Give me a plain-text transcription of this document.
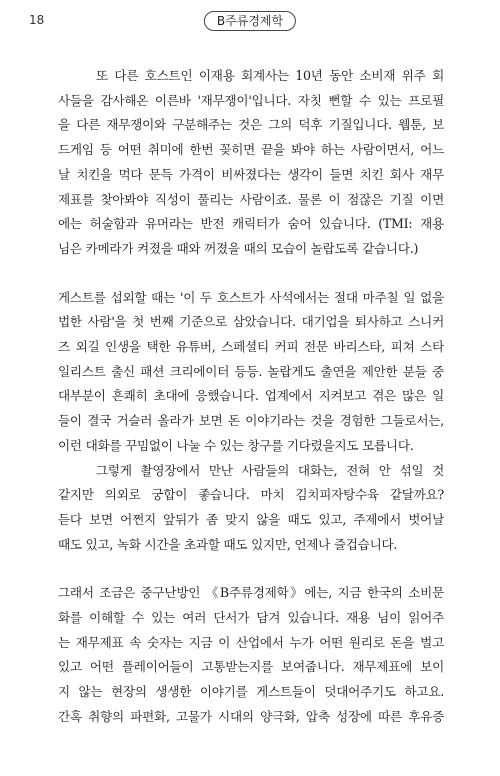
18	B주류경제학
또 다른 호스트인 이재용 회계사는 10년 동안 소비재 위주 회
사들을 감사해온 이른바 '재무쟁이'입니다. 자칫 뻔할 수 있는 프로필
을 다른 재무쟁이와 구분해주는 것은 그의 덕후 기질입니다. 웹툰, 보
드게임 등 어떤 취미에 한번 꽂히면 끝을 봐야 하는 사람이면서, 어느
날 치킨을 먹다 문득 가격이 비싸졌다는 생각이 들면 치킨 회사 재무
제표를 찾아봐야 직성이 풀리는 사람이죠. 물론 이 점잖은 기질 이면
에는 허술함과 유머라는 반전 캐릭터가 숨어 있습니다. (TMI: 재용
님은 카메라가 켜졌을 때와 꺼졌을 때의 모습이 놀랍도록 같습니다.)
게스트를 섭외할 때는 '이 두 호스트가 사석에서는 절대 마주칠 일 없을
법한 사람'을 첫 번째 기준으로 삼았습니다. 대기업을 퇴사하고 스니커
즈 외길 인생을 택한 유튜버, 스페셜티 커피 전문 바리스타, 피쳐 스타
일리스트 출신 패션 크리에이터 등등. 놀랍게도 출연을 제안한 분들 중
대부분이 흔쾌히 초대에 응했습니다. 업계에서 지켜보고 겪은 많은 일
들이 결국 거슬러 올라가 보면 돈 이야기라는 것을 경험한 그들로서는,
이런 대화를 꾸밈없이 나눌 수 있는 창구를 기다렸을지도 모릅니다.
그렇게 촬영장에서 만난 사람들의 대화는, 전혀 안 섞일 것
같지만 의외로 궁합이 좋습니다. 마치 김치피자탕수육 같달까요?
듣다 보면 어쩐지 앞뒤가 좀 맞지 않을 때도 있고, 주제에서 벗어날
때도 있고, 녹화 시간을 초과할 때도 있지만, 언제나 즐겁습니다.
그래서 조금은 중구난방인 《B주류경제학》에는, 지금 한국의 소비문
화를 이해할 수 있는 여러 단서가 담겨 있습니다. 재용 님이 읽어주
는 재무제표 속 숫자는 지금 이 산업에서 누가 어떤 원리로 돈을 벌고
있고 어떤 플레이어들이 고통받는지를 보여줍니다. 재무제표에 보이
지 않는 현장의 생생한 이야기를 게스트들이 덧대어주기도 하고요.
간혹 취향의 파편화, 고물가 시대의 양극화, 압축 성장에 따른 후유증
